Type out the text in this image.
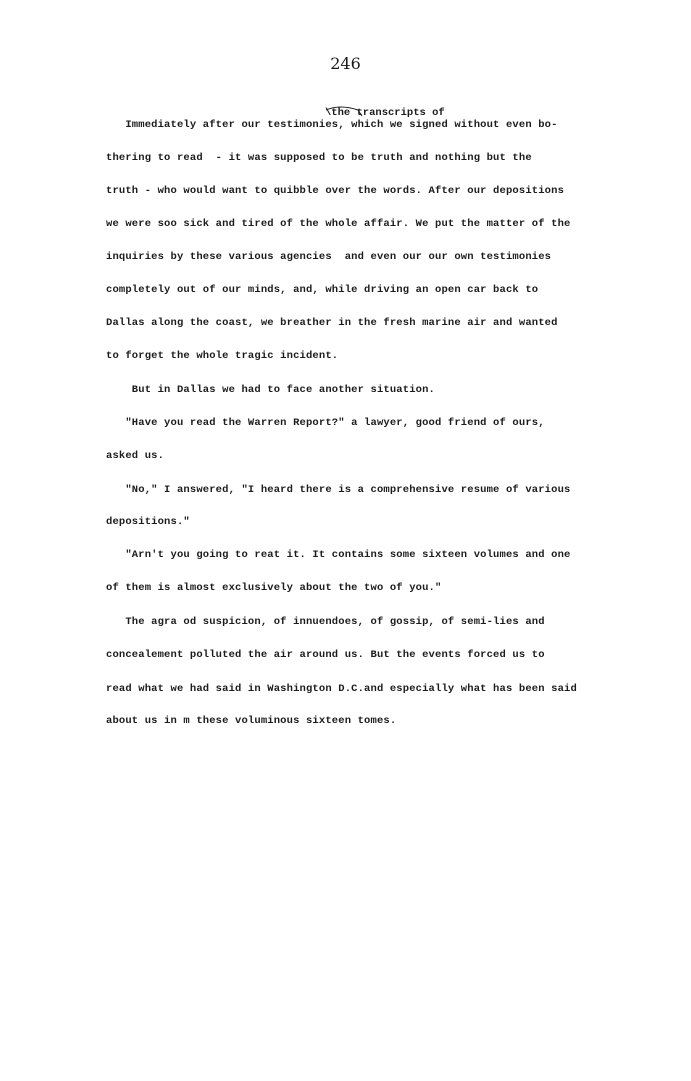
246
\the transcripts of
Immediately after our testimonies, which we signed without even bo-
thering to read  - it was supposed to be truth and nothing but the
truth - who would want to quibble over the words. After our depositions
we were soo sick and tired of the whole affair. We put the matter of the
inquiries by these various agencies  and even our our own testimonies
completely out of our minds, and, while driving an open car back to
Dallas along the coast, we breather in the fresh marine air and wanted
to forget the whole tragic incident.
But in Dallas we had to face another situation.
"Have you read the Warren Report?" a lawyer, good friend of ours,
asked us.
"No," I answered, "I heard there is a comprehensive resume of various
depositions."
"Arn't you going to reat it. It contains some sixteen volumes and one
of them is almost exclusively about the two of you."
The agra od suspicion, of innuendoes, of gossip, of semi-lies and
concealement polluted the air around us. But the events forced us to
read what we had said in Washington D.C.and especially what has been said
about us in m these voluminous sixteen tomes.
